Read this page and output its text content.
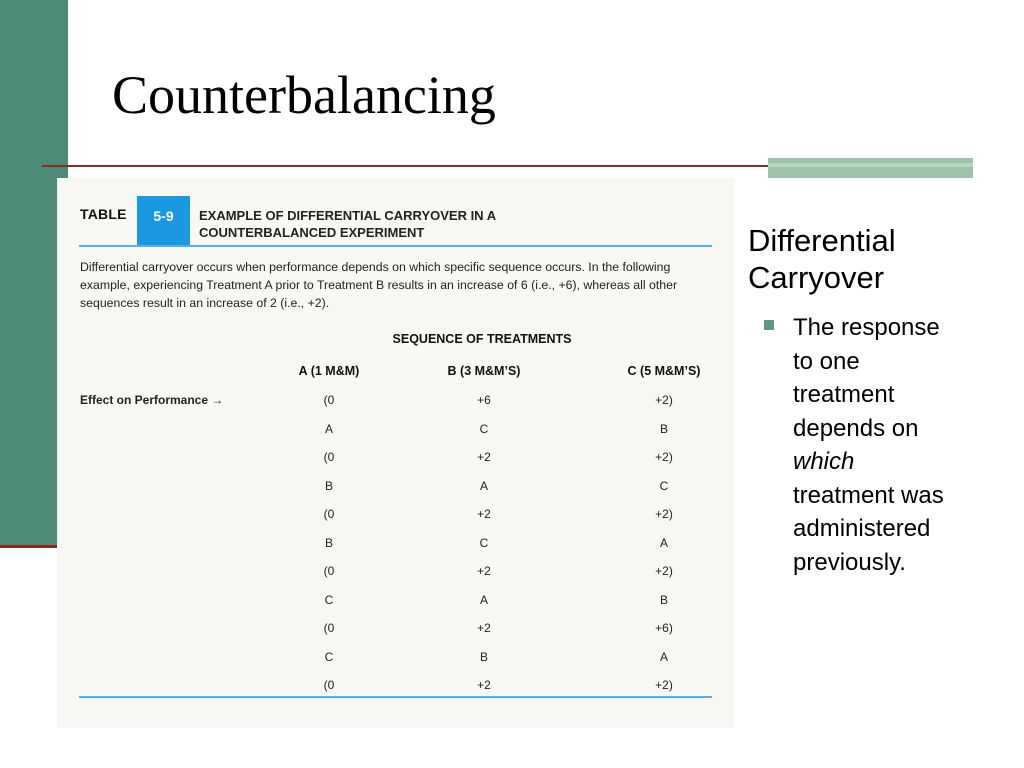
Counterbalancing
TABLE	5-9	EXAMPLE OF DIFFERENTIAL CARRYOVER IN A
COUNTERBALANCED EXPERIMENT
Differential carryover occurs when performance depends on which specific sequence occurs. In the following
example, experiencing Treatment A prior to Treatment B results in an increase of 6 (i.e., +6), whereas all other
sequences result in an increase of 2 (i.e., +2).
SEQUENCE OF TREATMENTS
A (1 M&M)	B (3 M&M’S)	C (5 M&M’S)
Effect on Performance →	(0	+6	+2)
A	C	B
(0	+2	+2)
B	A	C
(0	+2	+2)
B	C	A
(0	+2	+2)
C	A	B
(0	+2	+6)
C	B	A
(0	+2	+2)
Differential
Carryover
The response
to one
treatment
depends on
which
treatment was
administered
previously.
